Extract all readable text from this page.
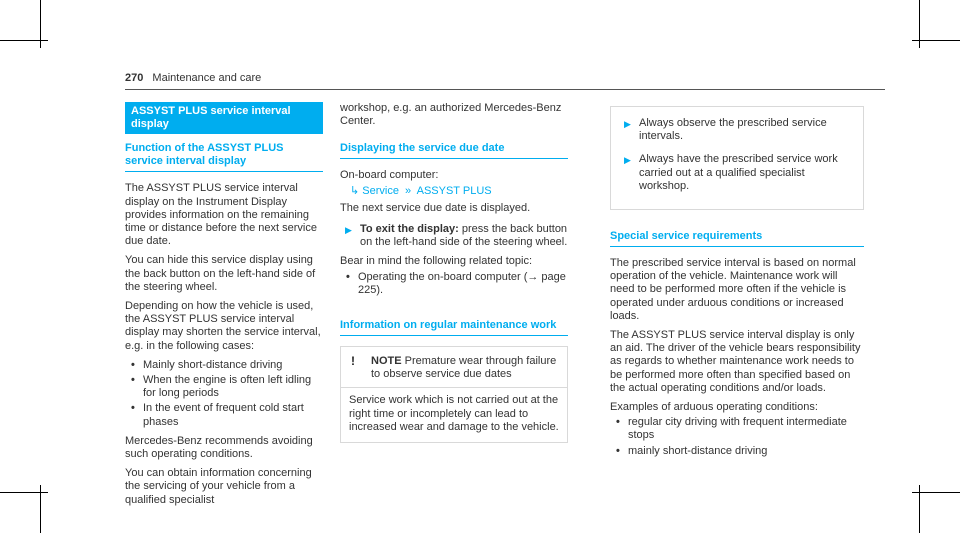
270 Maintenance and care
ASSYST PLUS service interval display
Function of the ASSYST PLUS service interval display

The ASSYST PLUS service interval display on the Instrument Display provides information on the remaining time or distance before the next service due date.

You can hide this service display using the back button on the left-hand side of the steering wheel.

Depending on how the vehicle is used, the ASSYST PLUS service interval display may shorten the service interval, e.g. in the following cases:

• Mainly short-distance driving
• When the engine is often left idling for long periods
• In the event of frequent cold start phases

Mercedes-Benz recommends avoiding such operating conditions.

You can obtain information concerning the servicing of your vehicle from a qualified specialist

workshop, e.g. an authorized Mercedes-Benz Center.

Displaying the service due date

On-board computer:

↳ Service » ASSYST PLUS

The next service due date is displayed.

▶ To exit the display: press the back button on the left-hand side of the steering wheel.

Bear in mind the following related topic:

• Operating the on-board computer (→ page 225).
Information on regular maintenance work
! NOTE Premature wear through failure to observe service due dates
Service work which is not carried out at the right time or incompletely can lead to increased wear and damage to the vehicle.
▶ Always observe the prescribed service intervals.
▶ Always have the prescribed service work carried out at a qualified specialist workshop.
Special service requirements

The prescribed service interval is based on normal operation of the vehicle. Maintenance work will need to be performed more often if the vehicle is operated under arduous conditions or increased loads.

The ASSYST PLUS service interval display is only an aid. The driver of the vehicle bears responsibility as regards to whether maintenance work needs to be performed more often than specified based on the actual operating conditions and/or loads.

Examples of arduous operating conditions:

• regular city driving with frequent intermediate stops
• mainly short-distance driving
